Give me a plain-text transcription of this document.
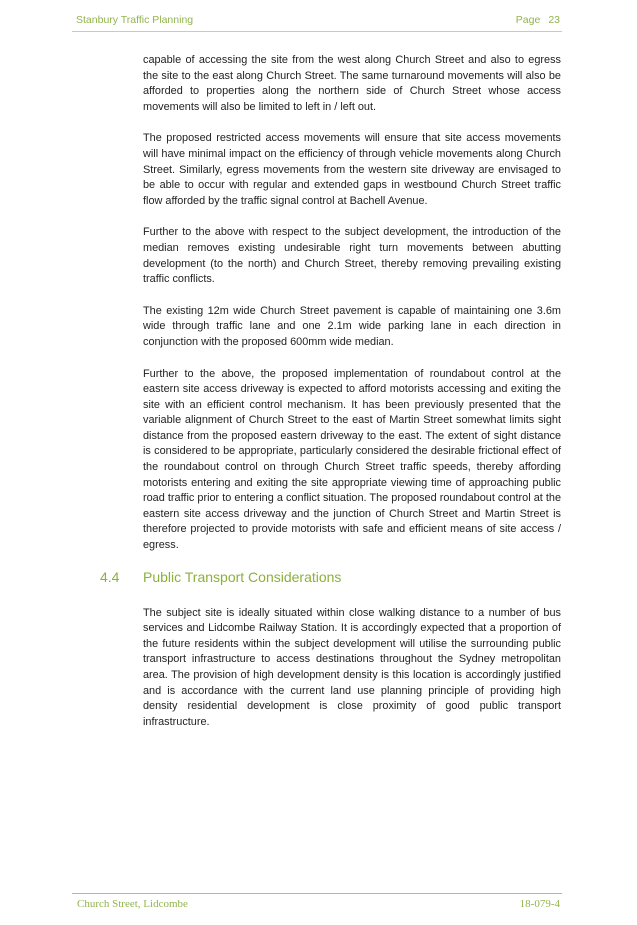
Stanbury Traffic Planning	Page 23

capable of accessing the site from the west along Church Street and also to egress the site to the east along Church Street. The same turnaround movements will also be afforded to properties along the northern side of Church Street whose access movements will also be limited to left in / left out.

The proposed restricted access movements will ensure that site access movements will have minimal impact on the efficiency of through vehicle movements along Church Street. Similarly, egress movements from the western site driveway are envisaged to be able to occur with regular and extended gaps in westbound Church Street traffic flow afforded by the traffic signal control at Bachell Avenue.

Further to the above with respect to the subject development, the introduction of the median removes existing undesirable right turn movements between abutting development (to the north) and Church Street, thereby removing prevailing existing traffic conflicts.

The existing 12m wide Church Street pavement is capable of maintaining one 3.6m wide through traffic lane and one 2.1m wide parking lane in each direction in conjunction with the proposed 600mm wide median.

Further to the above, the proposed implementation of roundabout control at the eastern site access driveway is expected to afford motorists accessing and exiting the site with an efficient control mechanism. It has been previously presented that the variable alignment of Church Street to the east of Martin Street somewhat limits sight distance from the proposed eastern driveway to the east. The extent of sight distance is considered to be appropriate, particularly considered the desirable frictional effect of the roundabout control on through Church Street traffic speeds, thereby affording motorists entering and exiting the site appropriate viewing time of approaching public road traffic prior to entering a conflict situation. The proposed roundabout control at the eastern site access driveway and the junction of Church Street and Martin Street is therefore projected to provide motorists with safe and efficient means of site access / egress.

4.4 Public Transport Considerations

The subject site is ideally situated within close walking distance to a number of bus services and Lidcombe Railway Station. It is accordingly expected that a proportion of the future residents within the subject development will utilise the surrounding public transport infrastructure to access destinations throughout the Sydney metropolitan area. The provision of high development density is this location is accordingly justified and is accordance with the current land use planning principle of providing high density residential development is close proximity of good public transport infrastructure.

Church Street, Lidcombe	18-079-4
